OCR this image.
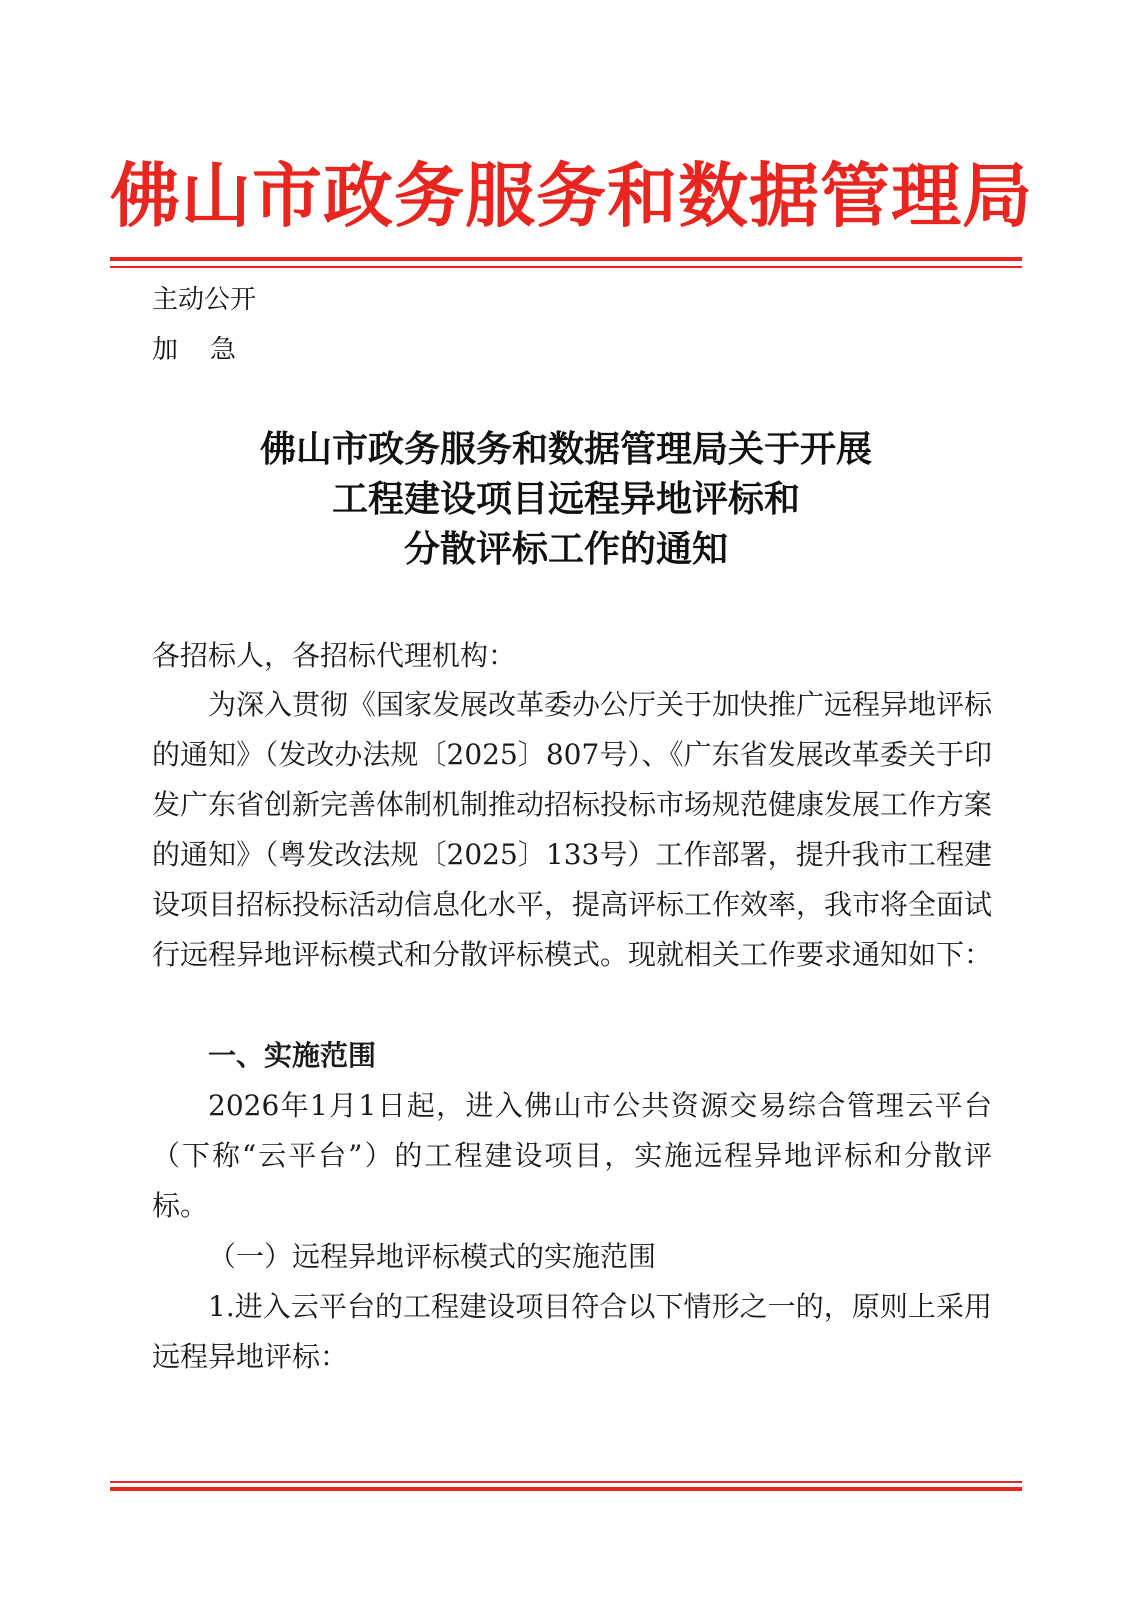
佛山市政务服务和数据管理局
主动公开
加急
佛山市政务服务和数据管理局关于开展
工程建设项目远程异地评标和
分散评标工作的通知
各招标人，各招标代理机构：
为深入贯彻《国家发展改革委办公厅关于加快推广远程异地评标的通知》（发改办法规〔2025〕807号）、《广东省发展改革委关于印发广东省创新完善体制机制推动招标投标市场规范健康发展工作方案的通知》（粤发改法规〔2025〕133号）工作部署，提升我市工程建设项目招标投标活动信息化水平，提高评标工作效率，我市将全面试行远程异地评标模式和分散评标模式。现就相关工作要求通知如下：
一、实施范围
2026年1月1日起，进入佛山市公共资源交易综合管理云平台（下称“云平台”）的工程建设项目，实施远程异地评标和分散评标。
（一）远程异地评标模式的实施范围
1.进入云平台的工程建设项目符合以下情形之一的，原则上采用远程异地评标：
